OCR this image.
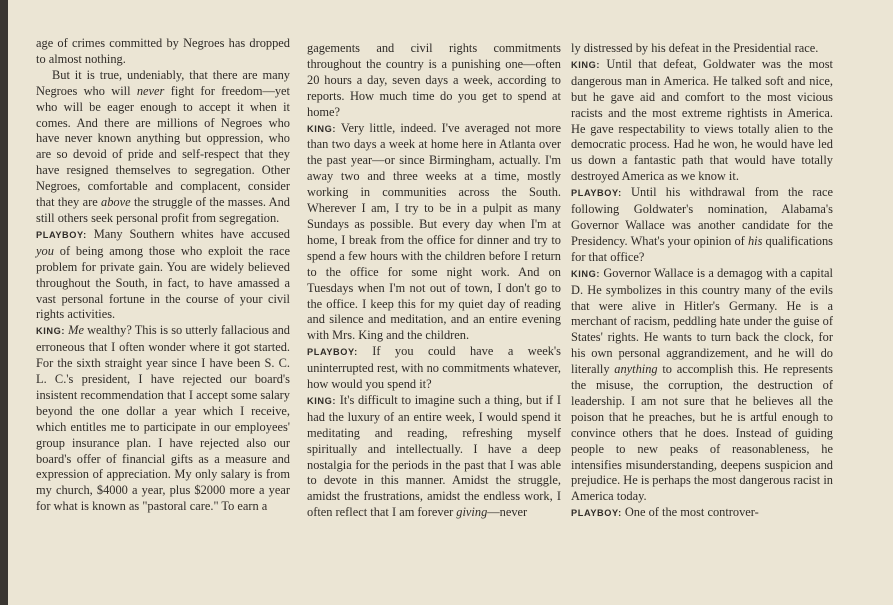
age of crimes committed by Negroes has dropped to almost nothing.

But it is true, undeniably, that there are many Negroes who will never fight for freedom—yet who will be eager enough to accept it when it comes. And there are millions of Negroes who have never known anything but oppression, who are so devoid of pride and self-respect that they have resigned themselves to segregation. Other Negroes, comfortable and complacent, consider that they are above the struggle of the masses. And still others seek personal profit from segregation.

PLAYBOY: Many Southern whites have accused you of being among those who exploit the race problem for private gain. You are widely believed throughout the South, in fact, to have amassed a vast personal fortune in the course of your civil rights activities.

KING: Me wealthy? This is so utterly fallacious and erroneous that I often wonder where it got started. For the sixth straight year since I have been S. C. L. C.'s president, I have rejected our board's insistent recommendation that I accept some salary beyond the one dollar a year which I receive, which entitles me to participate in our employees' group insurance plan. I have rejected also our board's offer of financial gifts as a measure and expression of appreciation. My only salary is from my church, $4000 a year, plus $2000 more a year for what is known as "pastoral care." To earn a

gagements and civil rights commitments throughout the country is a punishing one—often 20 hours a day, seven days a week, according to reports. How much time do you get to spend at home?

KING: Very little, indeed. I've averaged not more than two days a week at home here in Atlanta over the past year—or since Birmingham, actually. I'm away two and three weeks at a time, mostly working in communities across the South. Wherever I am, I try to be in a pulpit as many Sundays as possible. But every day when I'm at home, I break from the office for dinner and try to spend a few hours with the children before I return to the office for some night work. And on Tuesdays when I'm not out of town, I don't go to the office. I keep this for my quiet day of reading and silence and meditation, and an entire evening with Mrs. King and the children.

PLAYBOY: If you could have a week's uninterrupted rest, with no commitments whatever, how would you spend it?

KING: It's difficult to imagine such a thing, but if I had the luxury of an entire week, I would spend it meditating and reading, refreshing myself spiritually and intellectually. I have a deep nostalgia for the periods in the past that I was able to devote in this manner. Amidst the struggle, amidst the frustrations, amidst the endless work, I often reflect that I am forever giving—never

ly distressed by his defeat in the Presidential race.

KING: Until that defeat, Goldwater was the most dangerous man in America. He talked soft and nice, but he gave aid and comfort to the most vicious racists and the most extreme rightists in America. He gave respectability to views totally alien to the democratic process. Had he won, he would have led us down a fantastic path that would have totally destroyed America as we know it.

PLAYBOY: Until his withdrawal from the race following Goldwater's nomination, Alabama's Governor Wallace was another candidate for the Presidency. What's your opinion of his qualifications for that office?

KING: Governor Wallace is a demagog with a capital D. He symbolizes in this country many of the evils that were alive in Hitler's Germany. He is a merchant of racism, peddling hate under the guise of States' rights. He wants to turn back the clock, for his own personal aggrandizement, and he will do literally anything to accomplish this. He represents the misuse, the corruption, the destruction of leadership. I am not sure that he believes all the poison that he preaches, but he is artful enough to convince others that he does. Instead of guiding people to new peaks of reasonableness, he intensifies misunderstanding, deepens suspicion and prejudice. He is perhaps the most dangerous racist in America today.

PLAYBOY: One of the most controver-
